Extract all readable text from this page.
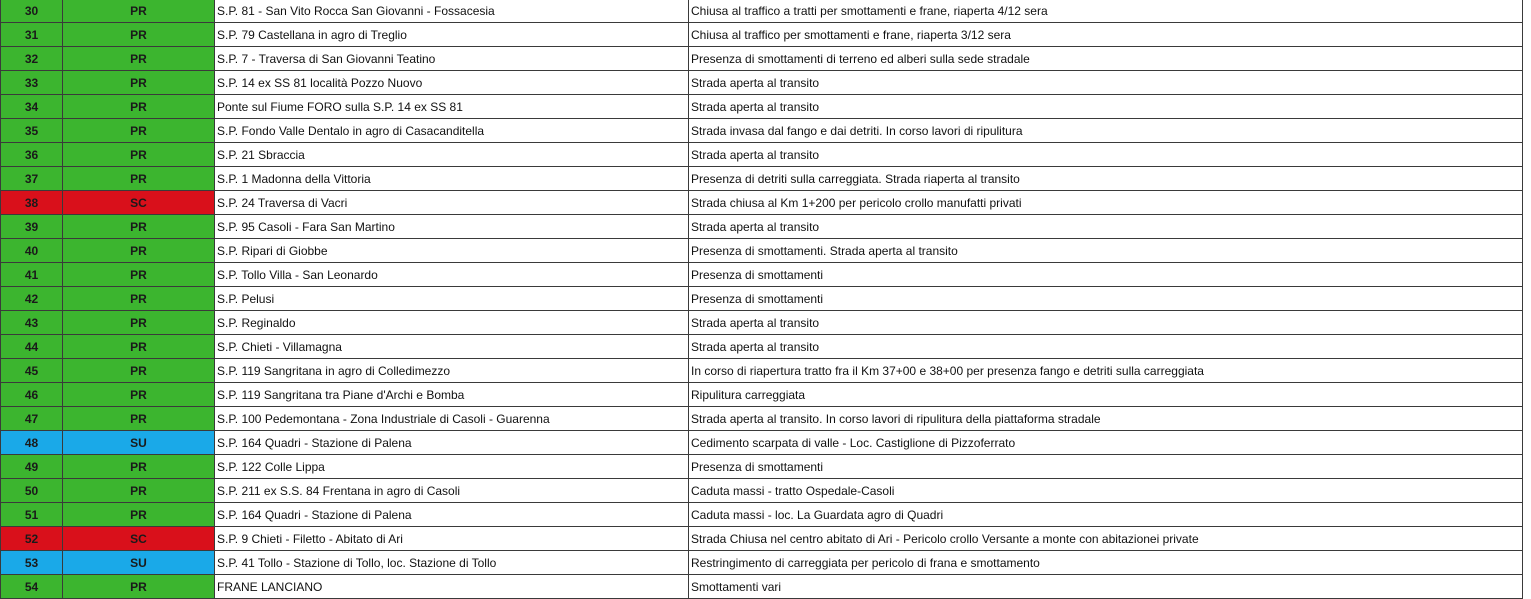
30	PR	S.P. 81 - San Vito Rocca San Giovanni - Fossacesia	Chiusa al traffico a tratti per smottamenti e frane, riaperta 4/12 sera
31	PR	S.P. 79 Castellana in agro di Treglio	Chiusa al traffico per smottamenti e frane, riaperta 3/12 sera
32	PR	S.P. 7 - Traversa di San Giovanni Teatino	Presenza di smottamenti di terreno ed alberi sulla sede stradale
33	PR	S.P. 14 ex SS 81 località Pozzo Nuovo	Strada aperta al transito
34	PR	Ponte sul Fiume FORO sulla S.P. 14 ex SS 81	Strada aperta al transito
35	PR	S.P. Fondo Valle Dentalo in agro di Casacanditella	Strada invasa dal fango e dai detriti. In corso lavori di ripulitura
36	PR	S.P. 21 Sbraccia	Strada aperta al transito
37	PR	S.P. 1 Madonna della Vittoria	Presenza di detriti sulla carreggiata. Strada riaperta al transito
38	SC	S.P. 24 Traversa di Vacri	Strada chiusa al Km 1+200 per pericolo crollo manufatti privati
39	PR	S.P. 95 Casoli - Fara San Martino	Strada aperta al transito
40	PR	S.P. Ripari di Giobbe	Presenza di smottamenti. Strada aperta al transito
41	PR	S.P. Tollo Villa - San Leonardo	Presenza di smottamenti
42	PR	S.P. Pelusi	Presenza di smottamenti
43	PR	S.P. Reginaldo	Strada aperta al transito
44	PR	S.P. Chieti - Villamagna	Strada aperta al transito
45	PR	S.P. 119 Sangritana in agro di Colledimezzo	In corso di riapertura tratto fra il Km 37+00 e 38+00 per presenza fango e detriti sulla carreggiata
46	PR	S.P. 119 Sangritana tra Piane d'Archi e Bomba	Ripulitura carreggiata
47	PR	S.P. 100 Pedemontana - Zona Industriale di Casoli - Guarenna	Strada aperta al transito. In corso lavori di ripulitura della piattaforma stradale
48	SU	S.P. 164 Quadri - Stazione di Palena	Cedimento scarpata di valle - Loc. Castiglione di Pizzoferrato
49	PR	S.P. 122 Colle Lippa	Presenza di smottamenti
50	PR	S.P. 211 ex S.S. 84 Frentana in agro di Casoli	Caduta massi - tratto Ospedale-Casoli
51	PR	S.P. 164 Quadri - Stazione di Palena	Caduta massi - loc. La Guardata agro di Quadri
52	SC	S.P. 9 Chieti - Filetto - Abitato di Ari	Strada Chiusa nel centro abitato di Ari - Pericolo crollo Versante a monte con abitazionei private
53	SU	S.P. 41 Tollo - Stazione di Tollo, loc. Stazione di Tollo	Restringimento di carreggiata per pericolo di frana e smottamento
54	PR	FRANE LANCIANO	Smottamenti vari
